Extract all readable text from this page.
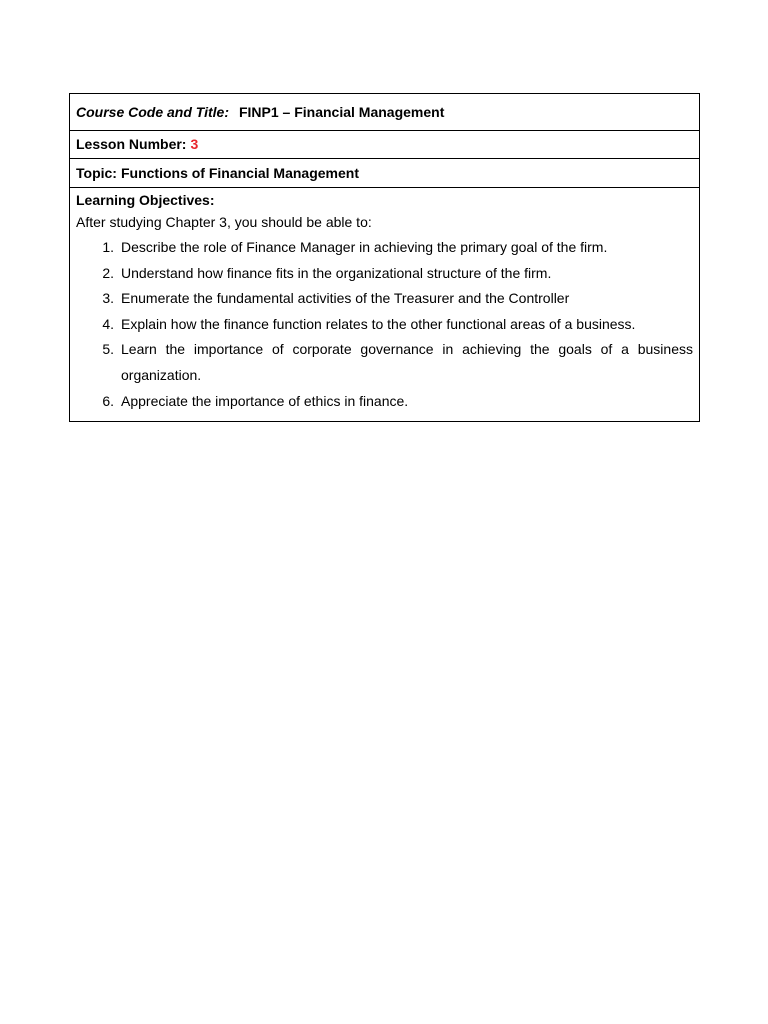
Course Code and Title: FINP1 – Financial Management
Lesson Number: 3
Topic: Functions of Financial Management

Learning Objectives:
After studying Chapter 3, you should be able to:
1. Describe the role of Finance Manager in achieving the primary goal of the firm.
2. Understand how finance fits in the organizational structure of the firm.
3. Enumerate the fundamental activities of the Treasurer and the Controller
4. Explain how the finance function relates to the other functional areas of a business.
5. Learn the importance of corporate governance in achieving the goals of a business organization.
6. Appreciate the importance of ethics in finance.
